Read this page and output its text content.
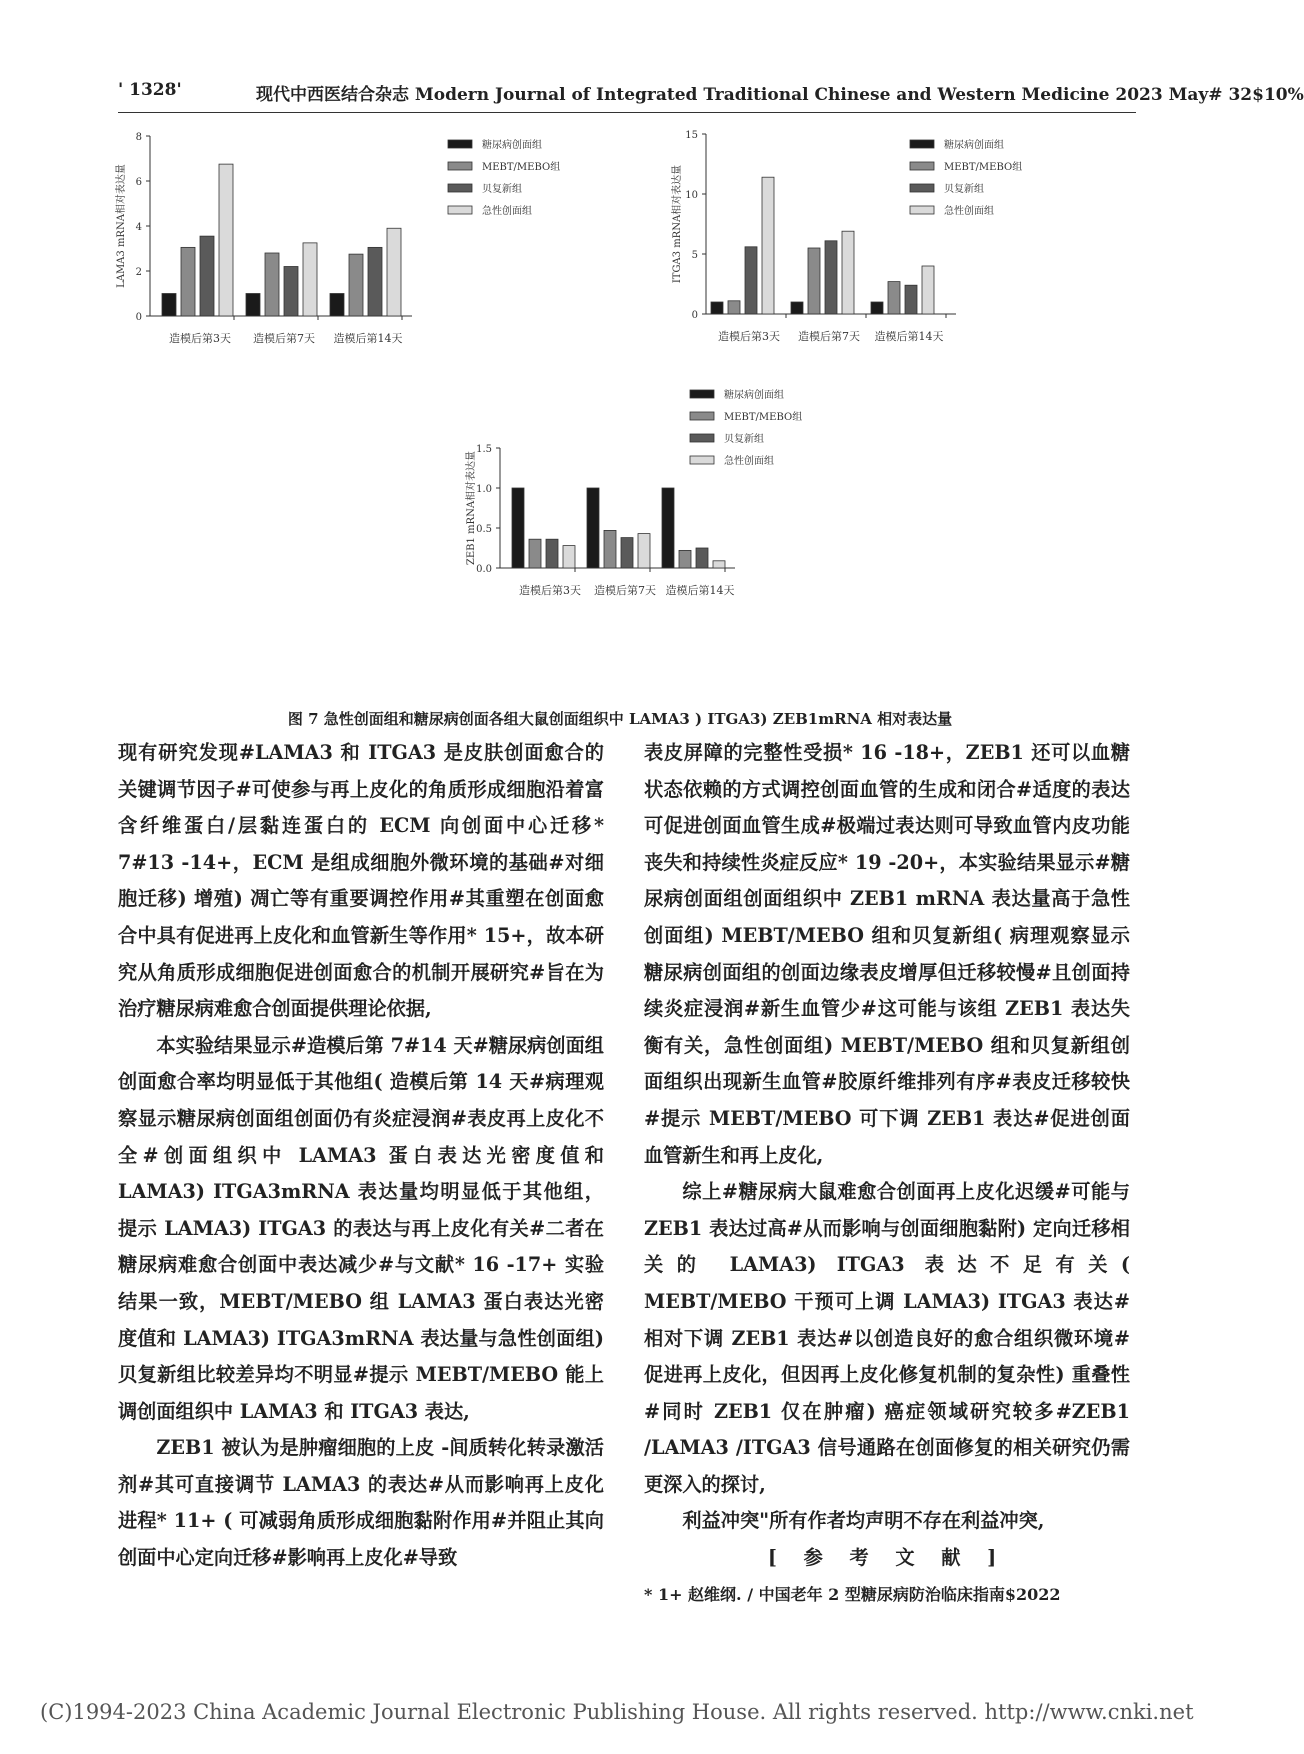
' 1328'	现代中西医结合杂志 Modern Journal of Integrated Traditional Chinese and Western Medicine 2023 May# 32$10%
0
2
4
6
8
LAMA3 mRNA相对表达量
造模后第3天 造模后第7天 造模后第14天
糖尿病创面组
MEBT/MEBO组
贝复新组
急性创面组
0
5
10
15
ITGA3 mRNA相对表达量
造模后第3天 造模后第7天 造模后第14天
糖尿病创面组
MEBT/MEBO组
贝复新组
急性创面组
0.0
0.5
1.0
1.5
ZEB1 mRNA相对表达量
造模后第3天 造模后第7天 造模后第14天
糖尿病创面组
MEBT/MEBO组
贝复新组
急性创面组
图 7 急性创面组和糖尿病创面各组大鼠创面组织中 LAMA3 ) ITGA3) ZEB1mRNA 相对表达量

现有研究发现#LAMA3 和 ITGA3 是皮肤创面愈合的关键调节因子#可使参与再上皮化的角质形成细胞沿着富含纤维蛋白/层黏连蛋白的 ECM 向创面中心迁移* 7#13 -14+，ECM 是组成细胞外微环境的基础#对细胞迁移) 增殖) 凋亡等有重要调控作用#其重塑在创面愈合中具有促进再上皮化和血管新生等作用* 15+，故本研究从角质形成细胞促进创面愈合的机制开展研究#旨在为治疗糖尿病难愈合创面提供理论依据,

本实验结果显示#造模后第 7#14 天#糖尿病创面组创面愈合率均明显低于其他组( 造模后第 14 天#病理观察显示糖尿病创面组创面仍有炎症浸润#表皮再上皮化不全#创面组织中 LAMA3 蛋白表达光密度值和 LAMA3) ITGA3mRNA 表达量均明显低于其他组，提示 LAMA3) ITGA3 的表达与再上皮化有关#二者在糖尿病难愈合创面中表达减少#与文献* 16 -17+ 实验结果一致，MEBT/MEBO 组 LAMA3 蛋白表达光密度值和 LAMA3) ITGA3mRNA 表达量与急性创面组) 贝复新组比较差异均不明显#提示 MEBT/MEBO 能上调创面组织中 LAMA3 和 ITGA3 表达,

ZEB1 被认为是肿瘤细胞的上皮 -间质转化转录激活剂#其可直接调节 LAMA3 的表达#从而影响再上皮化进程* 11+ ( 可减弱角质形成细胞黏附作用#并阻止其向创面中心定向迁移#影响再上皮化#导致

表皮屏障的完整性受损* 16 -18+，ZEB1 还可以血糖状态依赖的方式调控创面血管的生成和闭合#适度的表达可促进创面血管生成#极端过表达则可导致血管内皮功能丧失和持续性炎症反应* 19 -20+，本实验结果显示#糖尿病创面组创面组织中 ZEB1 mRNA 表达量高于急性创面组) MEBT/MEBO 组和贝复新组( 病理观察显示糖尿病创面组的创面边缘表皮增厚但迁移较慢#且创面持续炎症浸润#新生血管少#这可能与该组 ZEB1 表达失衡有关，急性创面组) MEBT/MEBO 组和贝复新组创面组织出现新生血管#胶原纤维排列有序#表皮迁移较快#提示 MEBT/MEBO 可下调 ZEB1 表达#促进创面血管新生和再上皮化,

综上#糖尿病大鼠难愈合创面再上皮化迟缓#可能与 ZEB1 表达过高#从而影响与创面细胞黏附) 定向迁移相关的 LAMA3) ITGA3 表达不足有关( MEBT/MEBO 干预可上调 LAMA3) ITGA3 表达#相对下调 ZEB1 表达#以创造良好的愈合组织微环境#促进再上皮化，但因再上皮化修复机制的复杂性) 重叠性#同时 ZEB1 仅在肿瘤) 癌症领域研究较多#ZEB1 /LAMA3 /ITGA3 信号通路在创面修复的相关研究仍需更深入的探讨,

利益冲突"所有作者均声明不存在利益冲突,

[ 参 考 文 献 ]

* 1+ 赵维纲. / 中国老年 2 型糖尿病防治临床指南$2022

(C)1994-2023 China Academic Journal Electronic Publishing House. All rights reserved. http://www.cnki.net
